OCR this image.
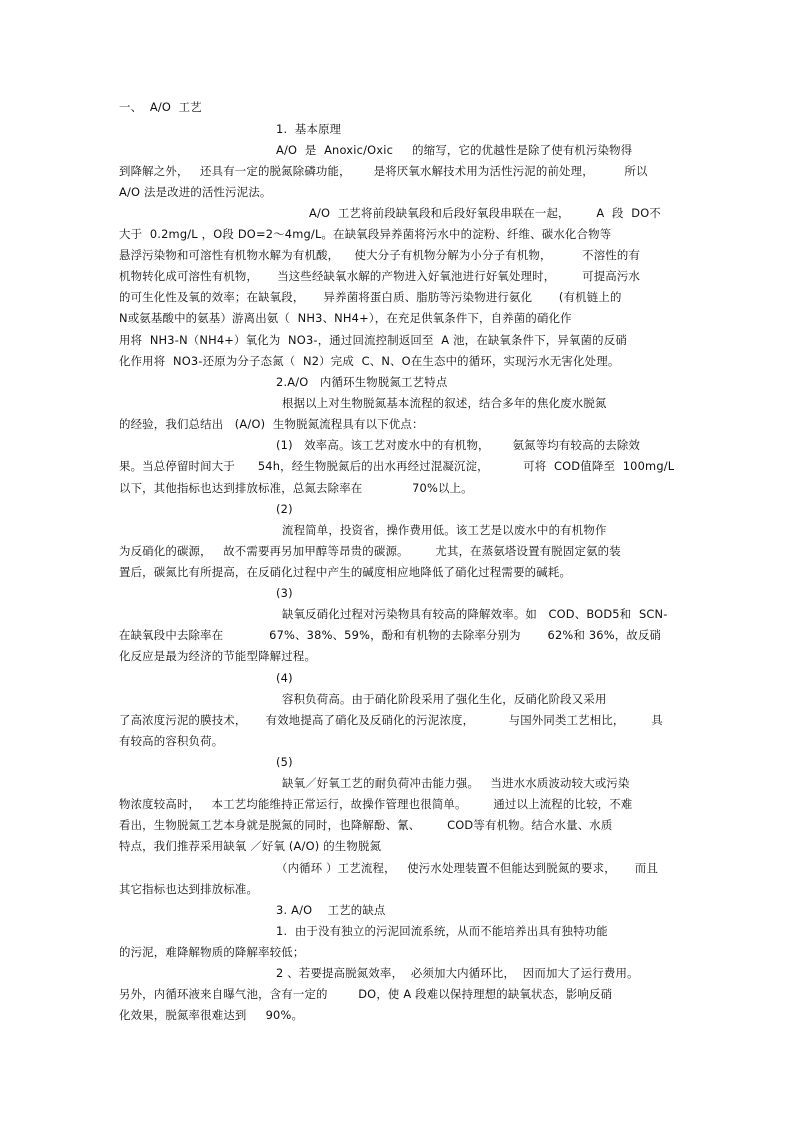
一、  A/O  工艺
1.  基本原理
A/O  是  Anoxic/Oxic     的缩写，它的优越性是除了使有机污染物得
到降解之外，   还具有一定的脱氮除磷功能，      是将厌氧水解技术用为活性污泥的前处理，        所以
A/O 法是改进的活性污泥法。
A/O  工艺将前段缺氧段和后段好氧段串联在一起，       A  段  DO不
大于  0.2mg/L ，O段 DO=2～4mg/L。在缺氧段异养菌将污水中的淀粉、纤维、碳水化合物等
悬浮污染物和可溶性有机物水解为有机酸，    使大分子有机物分解为小分子有机物，        不溶性的有
机物转化成可溶性有机物，     当这些经缺氧水解的产物进入好氧池进行好氧处理时，       可提高污水
的可生化性及氧的效率；在缺氧段，     异养菌将蛋白质、脂肪等污染物进行氨化       (有机链上的
N或氨基酸中的氨基）游离出氨（  NH3、NH4+），在充足供氧条件下，自养菌的硝化作
用将  NH3-N（NH4+）氧化为  NO3-，通过回流控制返回至  A 池，在缺氧条件下，异氧菌的反硝
化作用将  NO3-还原为分子态氮（  N2）完成  C、N、O在生态中的循环，实现污水无害化处理。
2.A/O   内循环生物脱氮工艺特点
根据以上对生物脱氮基本流程的叙述，结合多年的焦化废水脱氮
的经验，我们总结出   (A/O)  生物脱氮流程具有以下优点：
(1)   效率高。该工艺对废水中的有机物，      氨氮等均有较高的去除效
果。当总停留时间大于      54h，经生物脱氮后的出水再经过混凝沉淀，         可将  COD值降至  100mg/L
以下，其他指标也达到排放标准，总氮去除率在             70%以上。
(2)
流程简单，投资省，操作费用低。该工艺是以废水中的有机物作
为反硝化的碳源，   故不需要再另加甲醇等昂贵的碳源。       尤其，在蒸氨塔设置有脱固定氨的装
置后，碳氮比有所提高，在反硝化过程中产生的碱度相应地降低了硝化过程需要的碱耗。
(3)
缺氧反硝化过程对污染物具有较高的降解效率。如   COD、BOD5和  SCN-
在缺氧段中去除率在            67%、38%、59%，酚和有机物的去除率分别为       62%和 36%，故反硝
化反应是最为经济的节能型降解过程。
(4)
容积负荷高。由于硝化阶段采用了强化生化，反硝化阶段又采用
了高浓度污泥的膜技术，     有效地提高了硝化及反硝化的污泥浓度，         与国外同类工艺相比，       具
有较高的容积负荷。
(5)
缺氧／好氧工艺的耐负荷冲击能力强。   当进水水质波动较大或污染
物浓度较高时，   本工艺均能维持正常运行，故操作管理也很简单。       通过以上流程的比较，不难
看出，生物脱氮工艺本身就是脱氮的同时，也降解酚、氰、       COD等有机物。结合水量、水质
特点，我们推荐采用缺氧 ／好氧 (A/O) 的生物脱氮
（内循环 ）工艺流程，   使污水处理装置不但能达到脱氮的要求，     而且
其它指标也达到排放标准。
3. A/O    工艺的缺点
1.  由于没有独立的污泥回流系统，从而不能培养出具有独特功能
的污泥，难降解物质的降解率较低；
2 、若要提高脱氮效率，  必须加大内循环比，  因而加大了运行费用。
另外，内循环液来自曝气池，含有一定的        DO，使 A 段难以保持理想的缺氧状态，影响反硝
化效果，脱氮率很难达到     90%。
